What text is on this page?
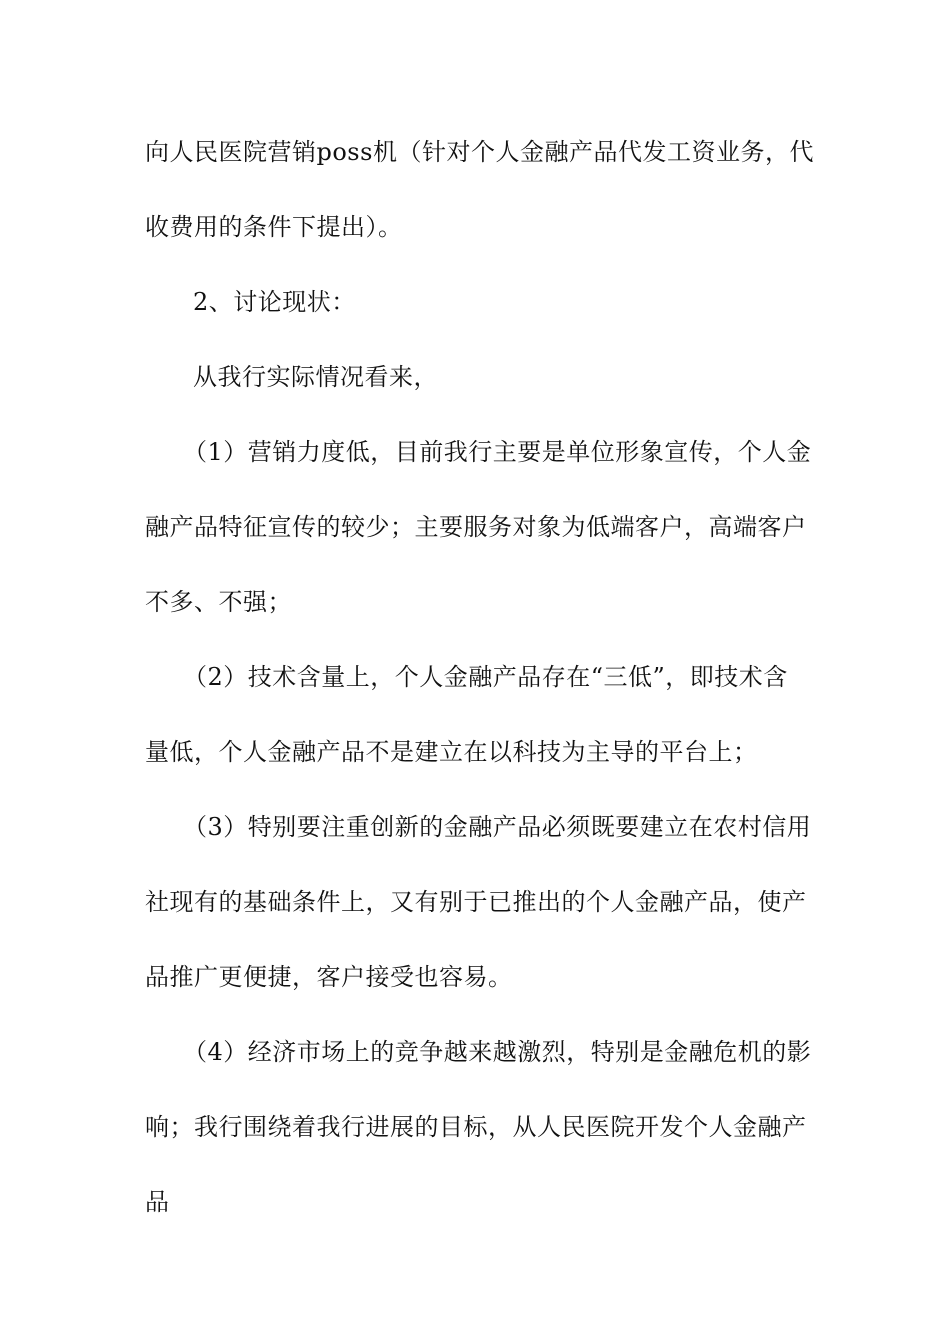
向人民医院营销poss机（针对个人金融产品代发工资业务，代
收费用的条件下提出）。
2、讨论现状：
从我行实际情况看来，
（1）营销力度低，目前我行主要是单位形象宣传，个人金
融产品特征宣传的较少；主要服务对象为低端客户，高端客户
不多、不强；
（2）技术含量上，个人金融产品存在“三低”，即技术含
量低，个人金融产品不是建立在以科技为主导的平台上；
（3）特别要注重创新的金融产品必须既要建立在农村信用
社现有的基础条件上，又有别于已推出的个人金融产品，使产
品推广更便捷，客户接受也容易。
（4）经济市场上的竞争越来越激烈，特别是金融危机的影
响；我行围绕着我行进展的目标，从人民医院开发个人金融产
品
